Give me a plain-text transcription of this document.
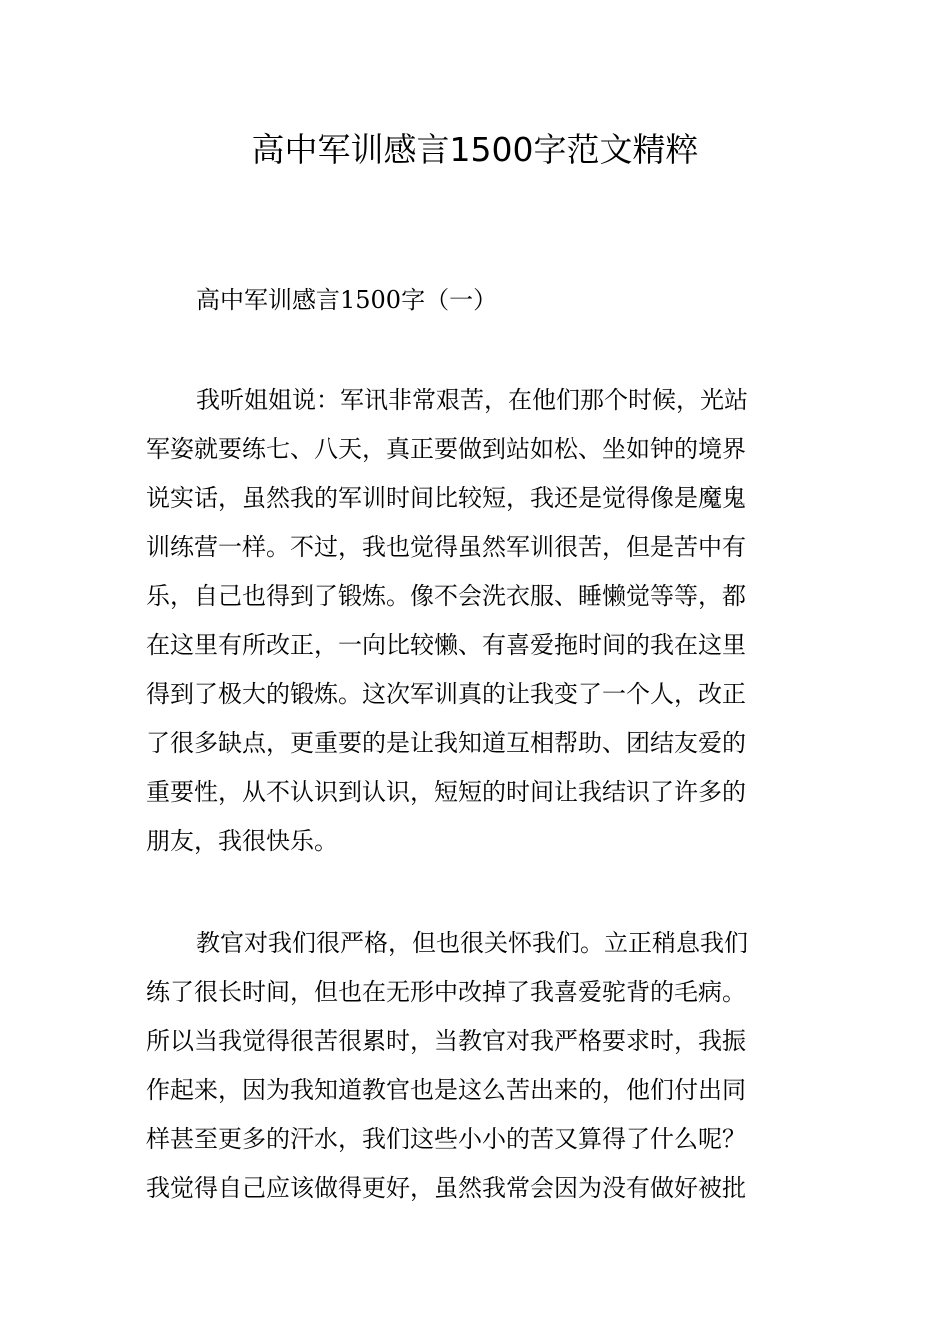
高中军训感言1500字范文精粹
高中军训感言1500字（一）
我听姐姐说：军讯非常艰苦，在他们那个时候，光站
军姿就要练七、八天，真正要做到站如松、坐如钟的境界
说实话，虽然我的军训时间比较短，我还是觉得像是魔鬼
训练营一样。不过，我也觉得虽然军训很苦，但是苦中有
乐，自己也得到了锻炼。像不会洗衣服、睡懒觉等等，都
在这里有所改正，一向比较懒、有喜爱拖时间的我在这里
得到了极大的锻炼。这次军训真的让我变了一个人，改正
了很多缺点，更重要的是让我知道互相帮助、团结友爱的
重要性，从不认识到认识，短短的时间让我结识了许多的
朋友，我很快乐。
教官对我们很严格，但也很关怀我们。立正稍息我们
练了很长时间，但也在无形中改掉了我喜爱驼背的毛病。
所以当我觉得很苦很累时，当教官对我严格要求时，我振
作起来，因为我知道教官也是这么苦出来的，他们付出同
样甚至更多的汗水，我们这些小小的苦又算得了什么呢？
我觉得自己应该做得更好，虽然我常会因为没有做好被批
